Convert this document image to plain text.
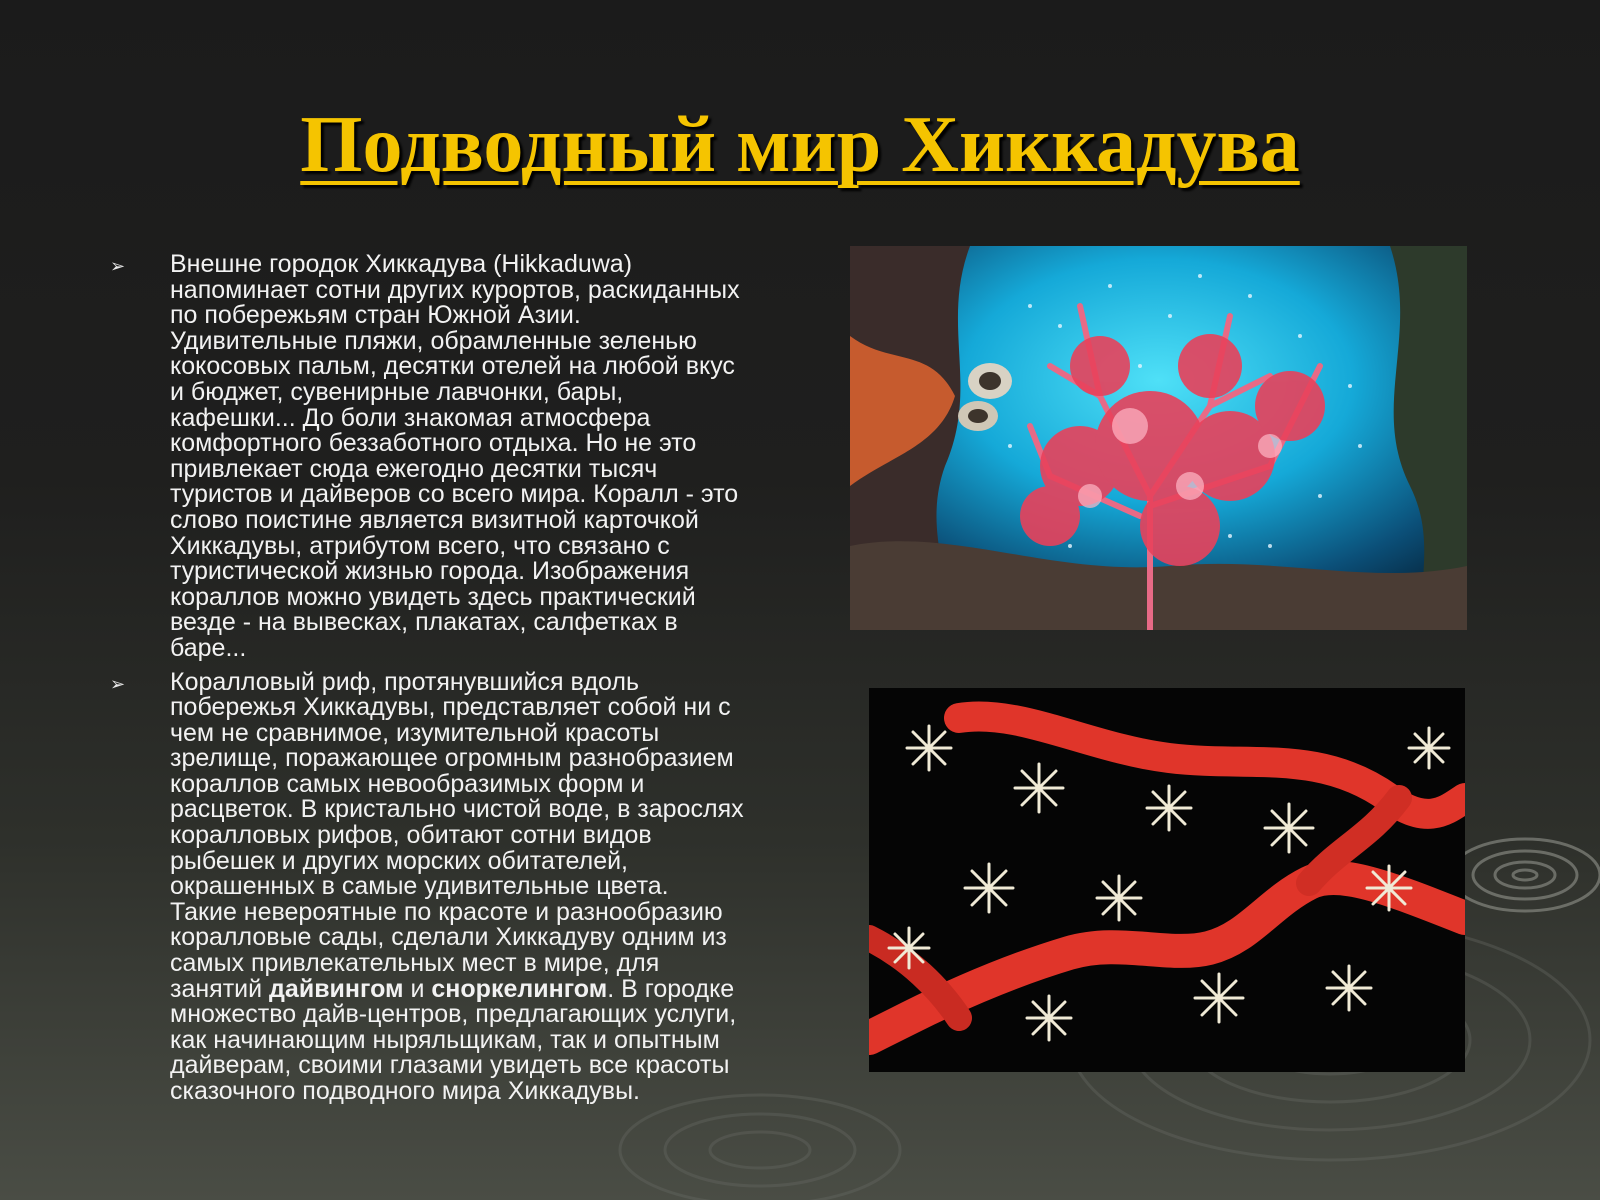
Подводный мир Хиккадува
➢ Внешне городок Хиккадува (Hikkaduwa)
напоминает сотни других курортов, раскиданных
по побережьям стран Южной Азии.
Удивительные пляжи, обрамленные зеленью
кокосовых пальм, десятки отелей на любой вкус
и бюджет, сувенирные лавчонки, бары,
кафешки... До боли знакомая атмосфера
комфортного беззаботного отдыха. Но не это
привлекает сюда ежегодно десятки тысяч
туристов и дайверов со всего мира. Коралл - это
слово поистине является визитной карточкой
Хиккадувы, атрибутом всего, что связано с
туристической жизнью города. Изображения
кораллов можно увидеть здесь практический
везде - на вывесках, плакатах, салфетках в
баре...
➢ Коралловый риф, протянувшийся вдоль
побережья Хиккадувы, представляет собой ни с
чем не сравнимое, изумительной красоты
зрелище, поражающее огромным разнобразием
кораллов самых невообразимых форм и
расцветок. В кристально чистой воде, в зарослях
коралловых рифов, обитают сотни видов
рыбешек и других морских обитателей,
окрашенных в самые удивительные цвета.
Такие невероятные по красоте и разнообразию
коралловые сады, сделали Хиккадуву одним из
самых привлекательных мест в мире, для
занятий дайвингом и сноркелингом. В городке
множество дайв-центров, предлагающих услуги,
как начинающим ныряльщикам, так и опытным
дайверам, своими глазами увидеть все красоты
сказочного подводного мира Хиккадувы.
